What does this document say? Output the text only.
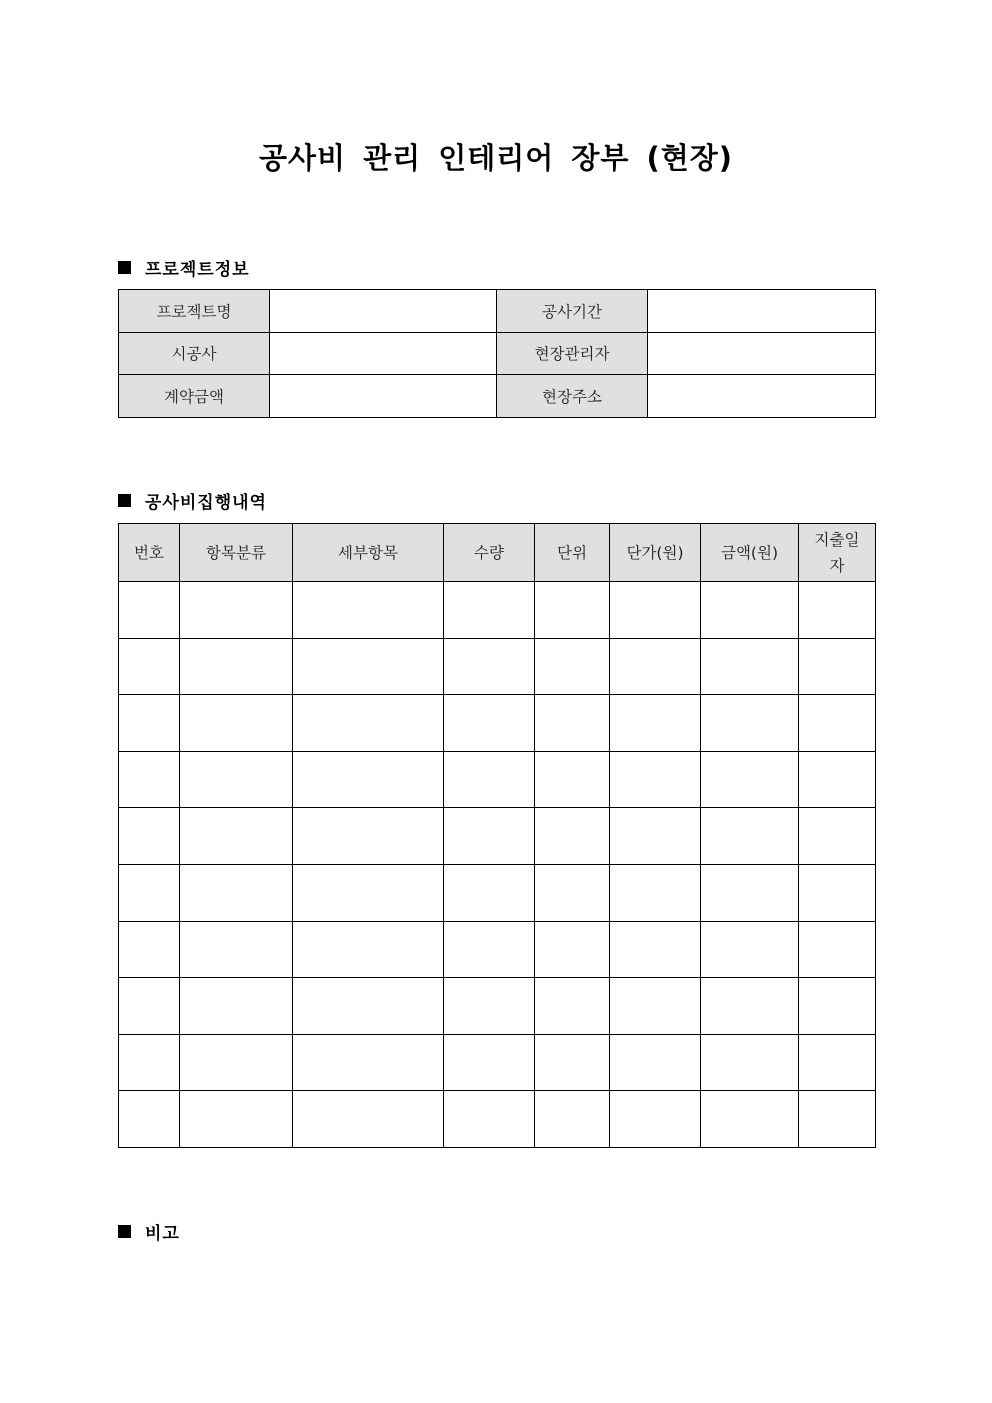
공사비 관리 인테리어 장부 (현장)
프로젝트정보
프로젝트명		공사기간	
시공사		현장관리자	
계약금액		현장주소	
공사비집행내역
번호	항목분류	세부항목	수량	단위	단가(원)	금액(원)	지출일자

비고
